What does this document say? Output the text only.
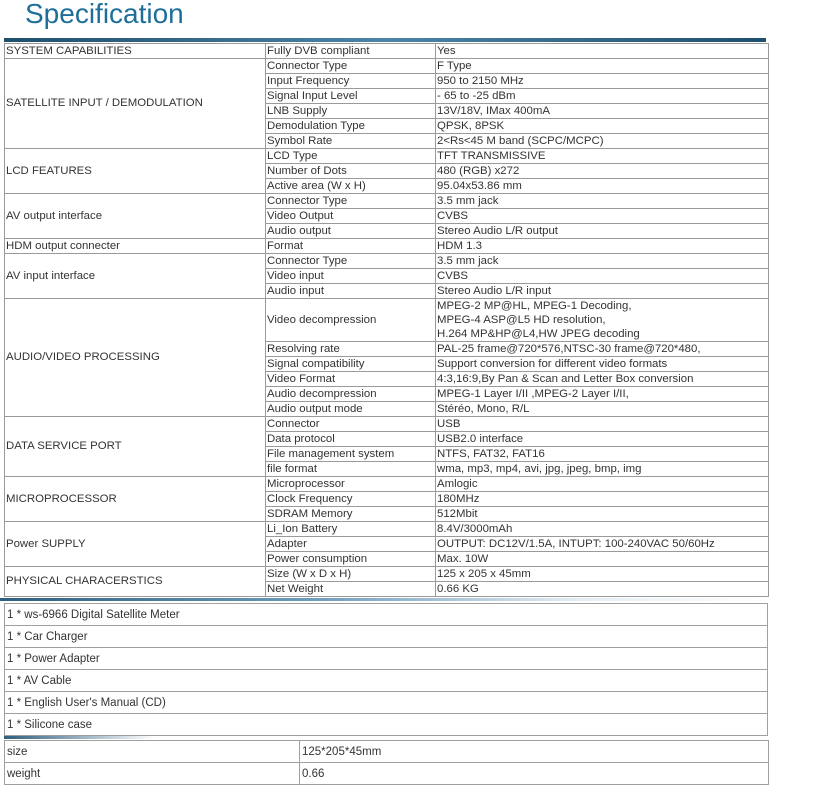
Specification
SYSTEM CAPABILITIES	Fully DVB compliant	Yes
SATELLITE INPUT / DEMODULATION	Connector Type	F Type
	Input Frequency	950 to 2150 MHz
	Signal Input Level	- 65 to -25 dBm
	LNB Supply	13V/18V, IMax 400mA
	Demodulation Type	QPSK, 8PSK
	Symbol Rate	2<Rs<45 M band (SCPC/MCPC)
LCD FEATURES	LCD Type	TFT TRANSMISSIVE
	Number of Dots	480 (RGB) x272
	Active area (W x H)	95.04x53.86 mm
AV output interface	Connector Type	3.5 mm jack
	Video Output	CVBS
	Audio output	Stereo Audio L/R output
HDM output connecter	Format	HDM 1.3
AV input interface	Connector Type	3.5 mm jack
	Video input	CVBS
	Audio input	Stereo Audio L/R input
AUDIO/VIDEO PROCESSING	Video decompression	MPEG-2 MP@HL, MPEG-1 Decoding,
		MPEG-4 ASP@L5 HD resolution,
		H.264 MP&HP@L4,HW JPEG decoding
	Resolving rate	PAL-25 frame@720*576,NTSC-30 frame@720*480,
	Signal compatibility	Support conversion for different video formats
	Video Format	4:3,16:9,By Pan & Scan and Letter Box conversion
	Audio decompression	MPEG-1 Layer I/II ,MPEG-2 Layer I/II,
	Audio output mode	Stéréo, Mono, R/L
DATA SERVICE PORT	Connector	USB
	Data protocol	USB2.0 interface
	File management system	NTFS, FAT32, FAT16
	file format	wma, mp3, mp4, avi, jpg, jpeg, bmp, img
MICROPROCESSOR	Microprocessor	Amlogic
	Clock Frequency	180MHz
	SDRAM Memory	512Mbit
Power SUPPLY	Li_Ion Battery	8.4V/3000mAh
	Adapter	OUTPUT: DC12V/1.5A, INTUPT: 100-240VAC 50/60Hz
	Power consumption	Max. 10W
PHYSICAL CHARACERSTICS	Size (W x D x H)	125 x 205 x 45mm
	Net Weight	0.66 KG
1 * ws-6966 Digital Satellite Meter
1 * Car Charger
1 * Power Adapter
1 * AV Cable
1 * English User's Manual (CD)
1 * Silicone case
size	125*205*45mm
weight	0.66
